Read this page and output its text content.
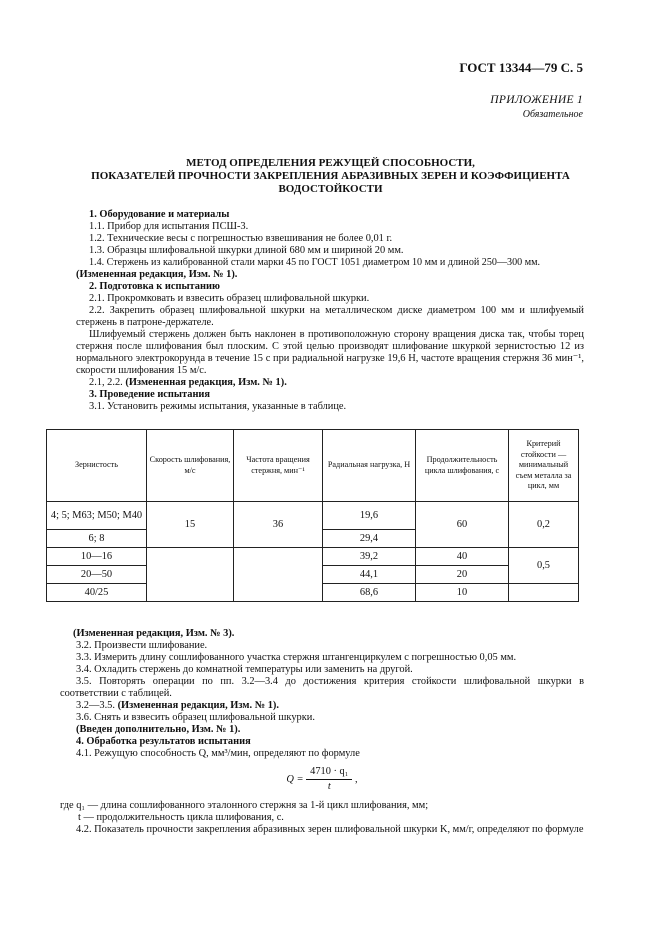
ГОСТ 13344—79 С. 5
ПРИЛОЖЕНИЕ 1
Обязательное
МЕТОД ОПРЕДЕЛЕНИЯ РЕЖУЩЕЙ СПОСОБНОСТИ,
ПОКАЗАТЕЛЕЙ ПРОЧНОСТИ ЗАКРЕПЛЕНИЯ АБРАЗИВНЫХ ЗЕРЕН И КОЭФФИЦИЕНТА
ВОДОСТОЙКОСТИ

1. Оборудование и материалы

1.1. Прибор для испытания ПСШ-3.

1.2. Технические весы с погрешностью взвешивания не более 0,01 г.

1.3. Образцы шлифовальной шкурки длиной 680 мм и шириной 20 мм.

1.4. Стержень из калиброванной стали марки 45 по ГОСТ 1051 диаметром 10 мм и длиной 250—300 мм.

(Измененная редакция, Изм. № 1).

2. Подготовка к испытанию

2.1. Прокромковать и взвесить образец шлифовальной шкурки.

2.2. Закрепить образец шлифовальной шкурки на металлическом диске диаметром 100 мм и шлифуемый стержень в патроне-держателе.

Шлифуемый стержень должен быть наклонен в противоположную сторону вращения диска так, чтобы торец стержня после шлифования был плоским. С этой целью производят шлифование шкуркой зернистостью 12 из нормального электрокорунда в течение 15 с при радиальной нагрузке 19,6 Н, частоте вращения стержня 36 мин⁻¹, скорости шлифования 15 м/с.

2.1, 2.2. (Измененная редакция, Изм. № 1).

3. Проведение испытания

3.1. Установить режимы испытания, указанные в таблице.

Зернистость	Скорость шлифования, м/с	Частота вращения стержня, мин⁻¹	Радиальная нагрузка, Н	Продолжительность цикла шлифования, с	Критерий стойкости — минимальный съем металла за цикл, мм
4; 5; М63; М50; М40	15	36	19,6	60	0,2
6; 8			29,4		
10—16			39,2	40	0,5
20—50			44,1	20	
40/25			68,6	10	

(Измененная редакция, Изм. № 3).

3.2. Произвести шлифование.

3.3. Измерить длину сошлифованного участка стержня штангенциркулем с погрешностью 0,05 мм.

3.4. Охладить стержень до комнатной температуры или заменить на другой.

3.5. Повторять операции по пп. 3.2—3.4 до достижения критерия стойкости шлифовальной шкурки в соответствии с таблицей.

3.2—3.5. (Измененная редакция, Изм. № 1).

3.6. Снять и взвесить образец шлифовальной шкурки.

(Введен дополнительно, Изм. № 1).

4. Обработка результатов испытания

4.1. Режущую способность Q, мм³/мин, определяют по формуле

$Q = \frac{\text{4710 · q₁}}{t}$ ,

где q₁ — длина сошлифованного эталонного стержня за 1-й цикл шлифования, мм;

t — продолжительность цикла шлифования, с.

4.2. Показатель прочности закрепления абразивных зерен шлифовальной шкурки K, мм/г, определяют по формуле
